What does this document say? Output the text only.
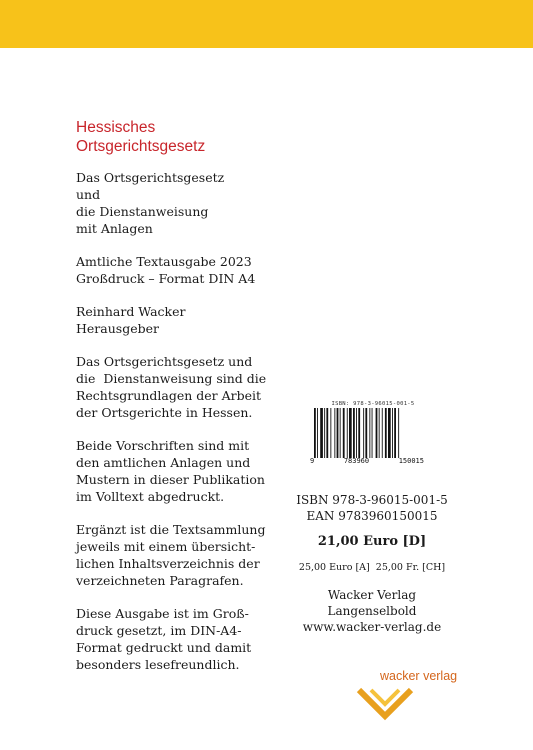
Hessisches
Ortsgerichtsgesetz
Das Ortsgerichtsgesetz
und
die Dienstanweisung
mit Anlagen
Amtliche Textausgabe 2023
Großdruck – Format DIN A4
Reinhard Wacker
Herausgeber
Das Ortsgerichtsgesetz und
die  Dienstanweisung sind die
Rechtsgrundlagen der Arbeit
der Ortsgerichte in Hessen.
Beide Vorschriften sind mit
den amtlichen Anlagen und
Mustern in dieser Publikation
im Volltext abgedruckt.
Ergänzt ist die Textsammlung
jeweils mit einem übersicht-
lichen Inhaltsverzeichnis der
verzeichneten Paragrafen.
Diese Ausgabe ist im Groß-
druck gesetzt, im DIN-A4-
Format gedruckt und damit
besonders lesefreundlich.
ISBN: 978-3-96015-001-5
9	783960	150015
ISBN 978-3-96015-001-5
EAN 9783960150015
21,00 Euro [D]
25,00 Euro [A] 25,00 Fr. [CH]
Wacker Verlag
Langenselbold
www.wacker-verlag.de
wacker verlag
